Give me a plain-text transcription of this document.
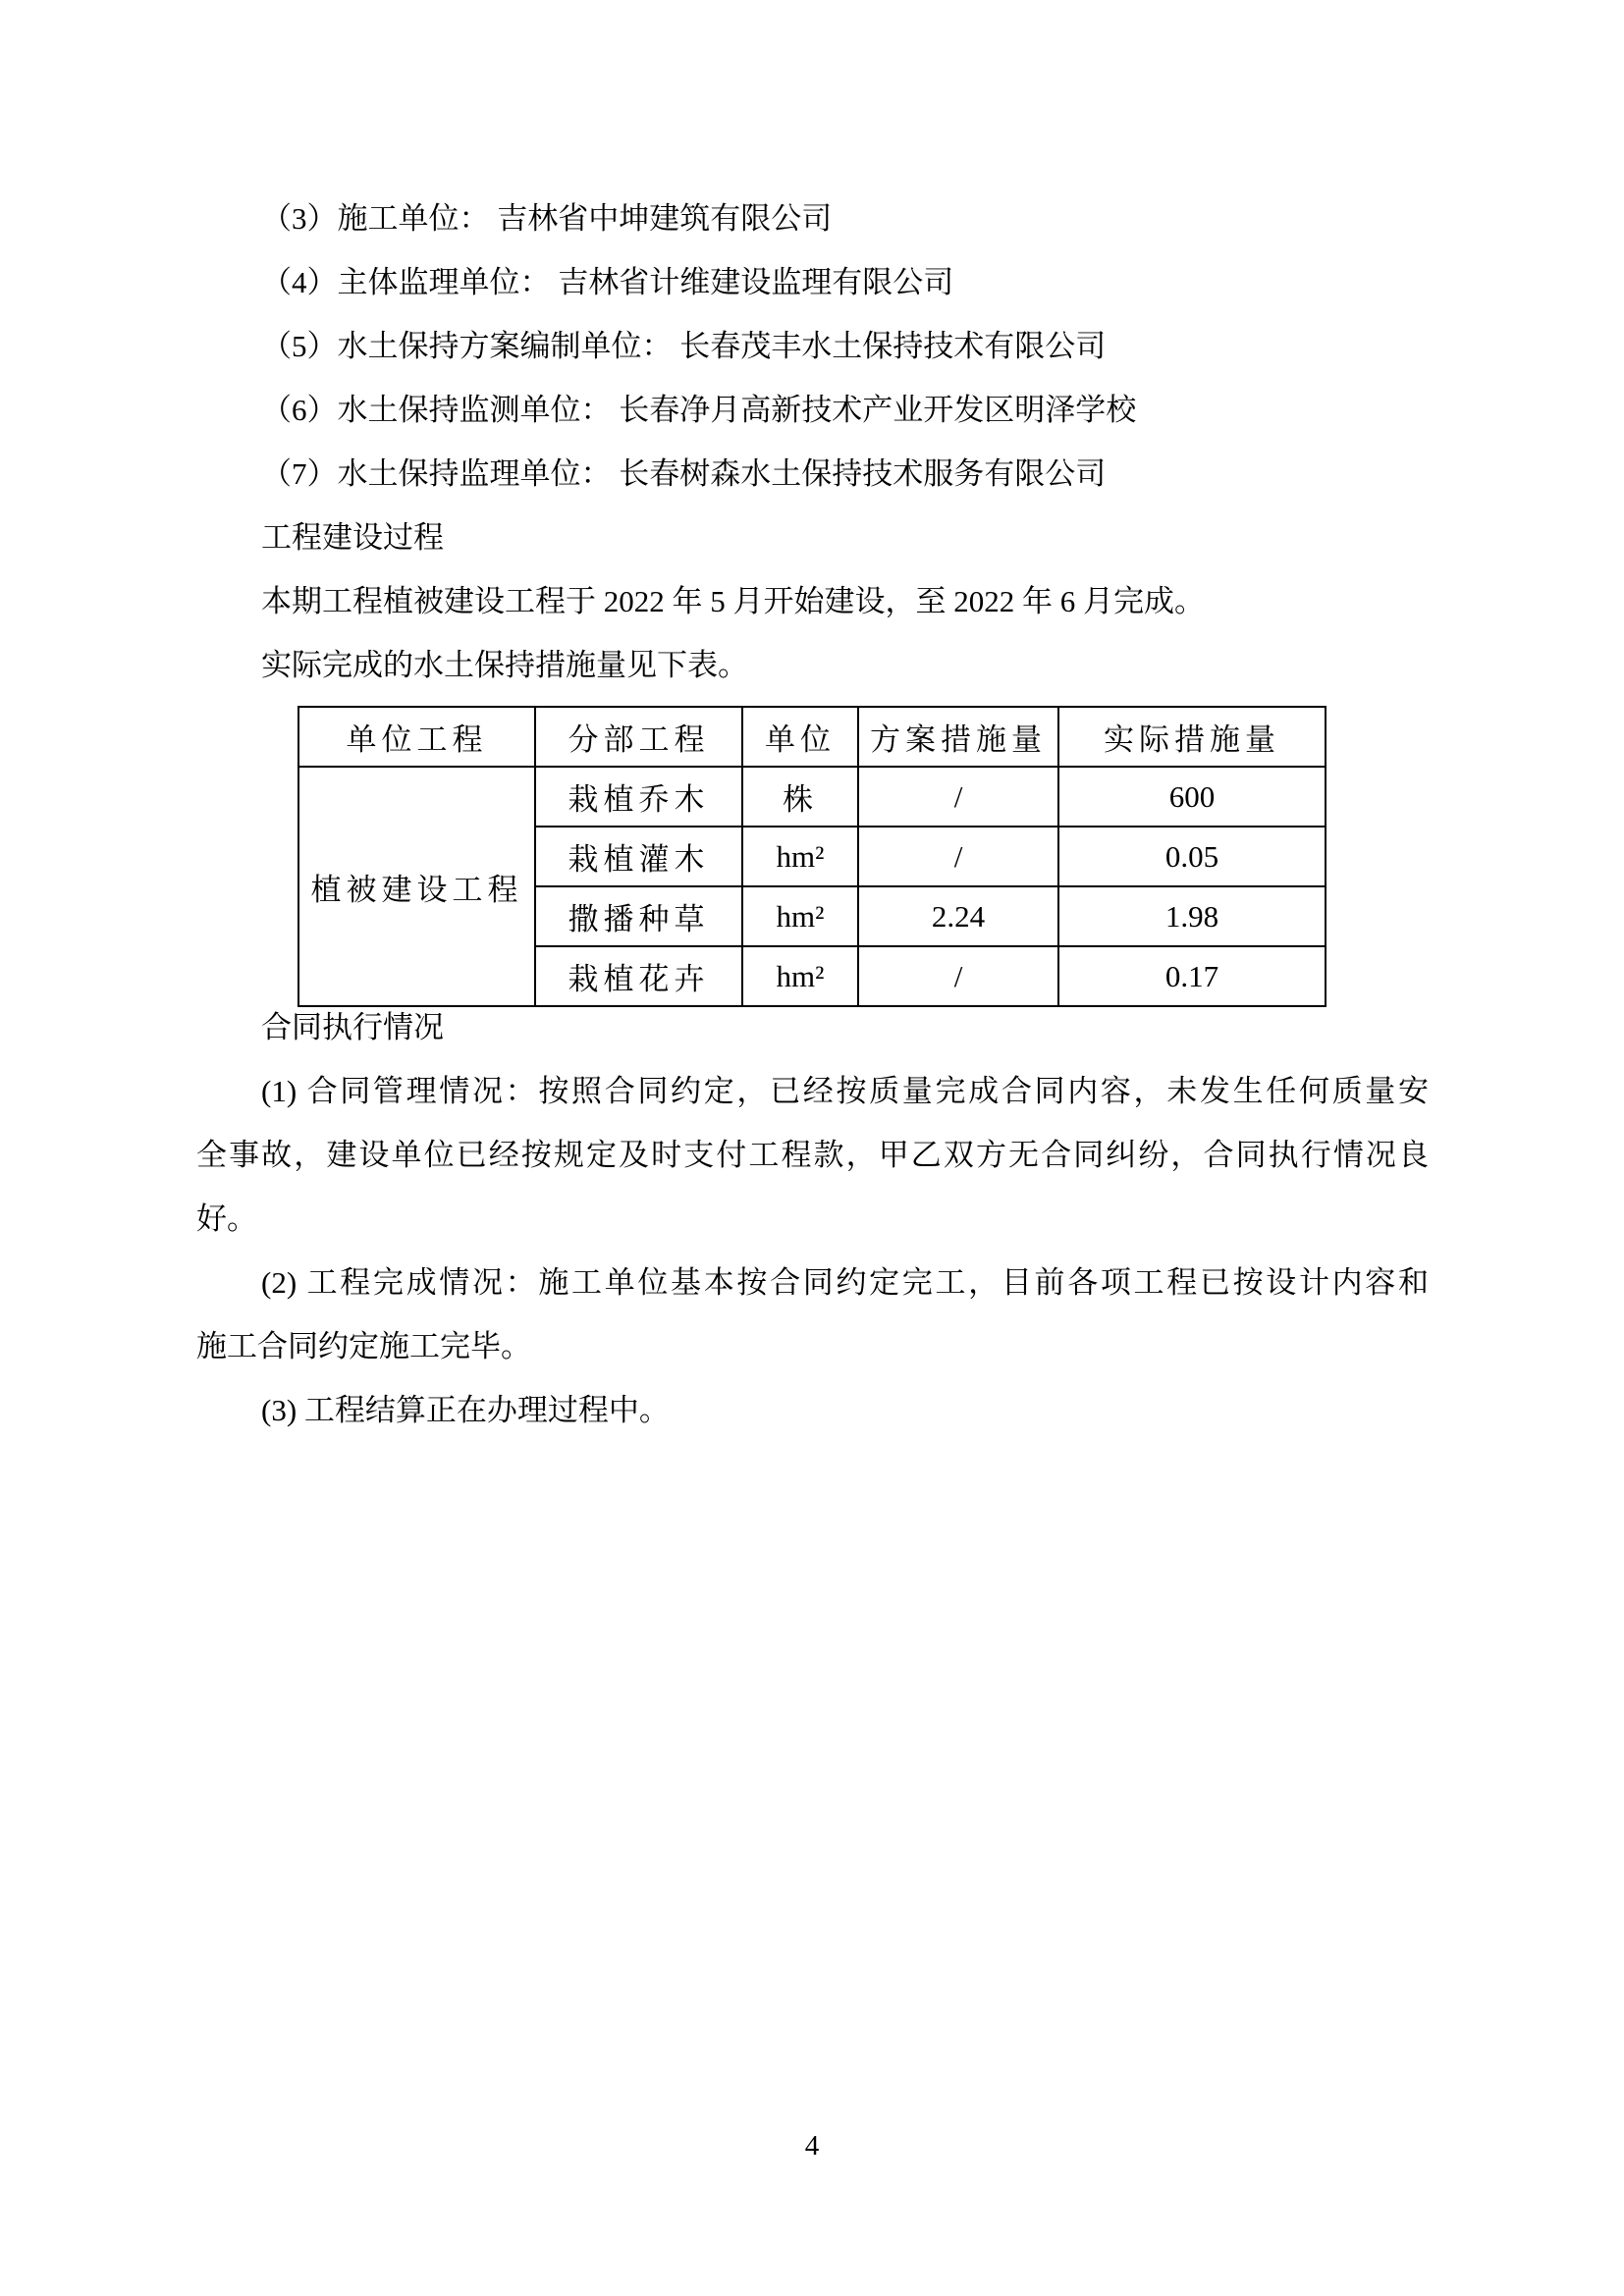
（3）施工单位： 吉林省中坤建筑有限公司
（4）主体监理单位： 吉林省计维建设监理有限公司
（5）水土保持方案编制单位： 长春茂丰水土保持技术有限公司
（6）水土保持监测单位： 长春净月高新技术产业开发区明泽学校
（7）水土保持监理单位： 长春树森水土保持技术服务有限公司
工程建设过程
本期工程植被建设工程于 2022 年 5 月开始建设，至 2022 年 6 月完成。
实际完成的水土保持措施量见下表。
单位工程	分部工程	单位	方案措施量	实际措施量
植被建设工程	栽植乔木	株	/	600
	栽植灌木	hm²	/	0.05
	撒播种草	hm²	2.24	1.98
	栽植花卉	hm²	/	0.17
合同执行情况
(1) 合同管理情况：按照合同约定，已经按质量完成合同内容，未发生任何质量安
全事故，建设单位已经按规定及时支付工程款，甲乙双方无合同纠纷，合同执行情况良
好。
(2) 工程完成情况：施工单位基本按合同约定完工，目前各项工程已按设计内容和
施工合同约定施工完毕。
(3) 工程结算正在办理过程中。
4
